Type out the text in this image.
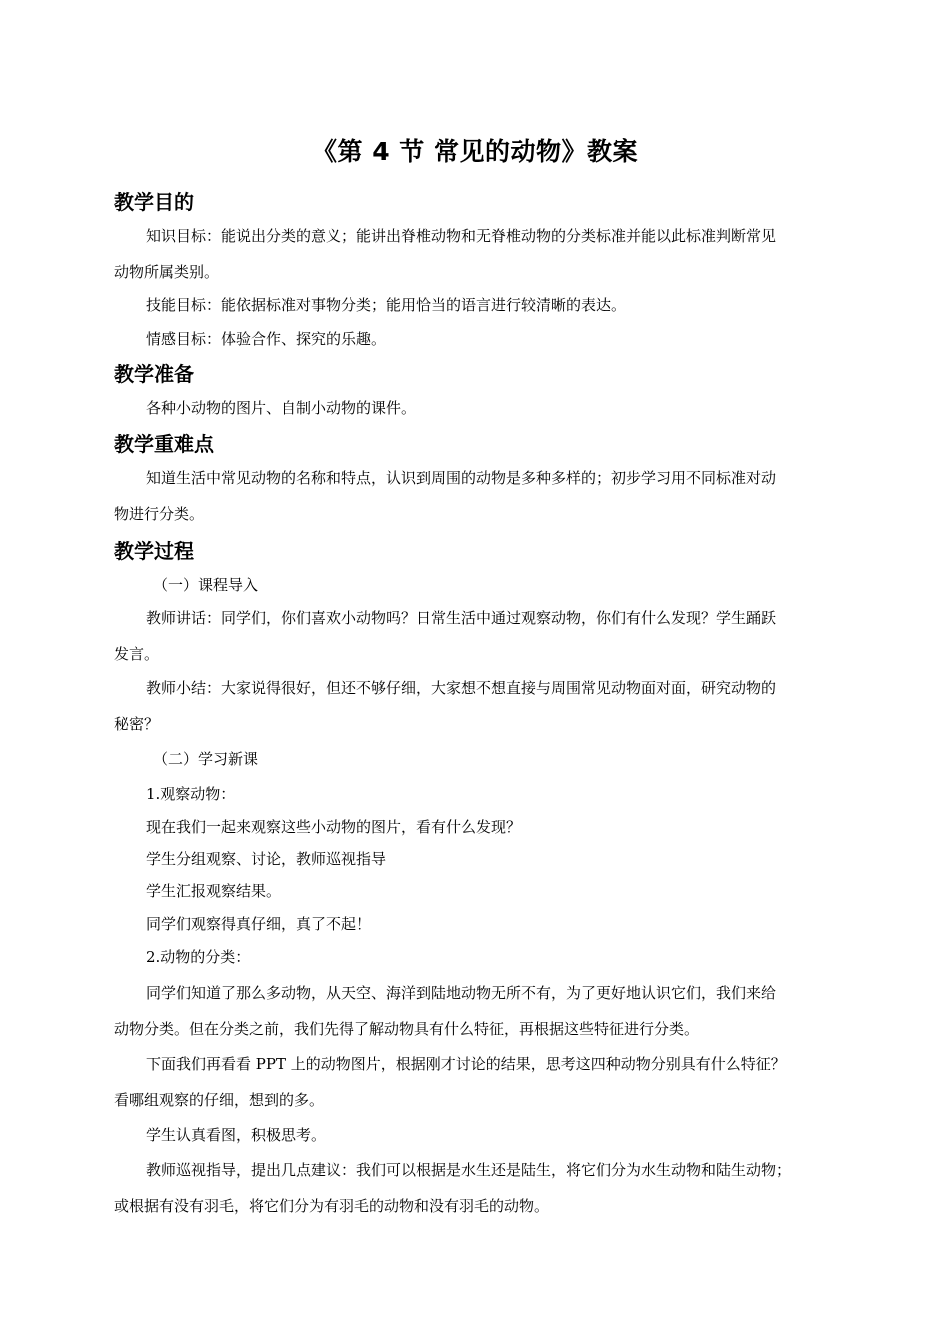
《第 4 节 常见的动物》教案
教学目的
知识目标：能说出分类的意义；能讲出脊椎动物和无脊椎动物的分类标准并能以此标准判断常见
动物所属类别。
技能目标：能依据标准对事物分类；能用恰当的语言进行较清晰的表达。
情感目标：体验合作、探究的乐趣。
教学准备
各种小动物的图片、自制小动物的课件。
教学重难点
知道生活中常见动物的名称和特点，认识到周围的动物是多种多样的；初步学习用不同标准对动
物进行分类。
教学过程
（一）课程导入
教师讲话：同学们，你们喜欢小动物吗？日常生活中通过观察动物，你们有什么发现？学生踊跃
发言。
教师小结：大家说得很好，但还不够仔细，大家想不想直接与周围常见动物面对面，研究动物的
秘密？
（二）学习新课
1.观察动物：
现在我们一起来观察这些小动物的图片，看有什么发现？
学生分组观察、讨论，教师巡视指导
学生汇报观察结果。
同学们观察得真仔细，真了不起！
2.动物的分类：
同学们知道了那么多动物，从天空、海洋到陆地动物无所不有，为了更好地认识它们，我们来给
动物分类。但在分类之前，我们先得了解动物具有什么特征，再根据这些特征进行分类。
下面我们再看看 PPT 上的动物图片，根据刚才讨论的结果，思考这四种动物分别具有什么特征？
看哪组观察的仔细，想到的多。
学生认真看图，积极思考。
教师巡视指导，提出几点建议：我们可以根据是水生还是陆生，将它们分为水生动物和陆生动物；
或根据有没有羽毛，将它们分为有羽毛的动物和没有羽毛的动物。
